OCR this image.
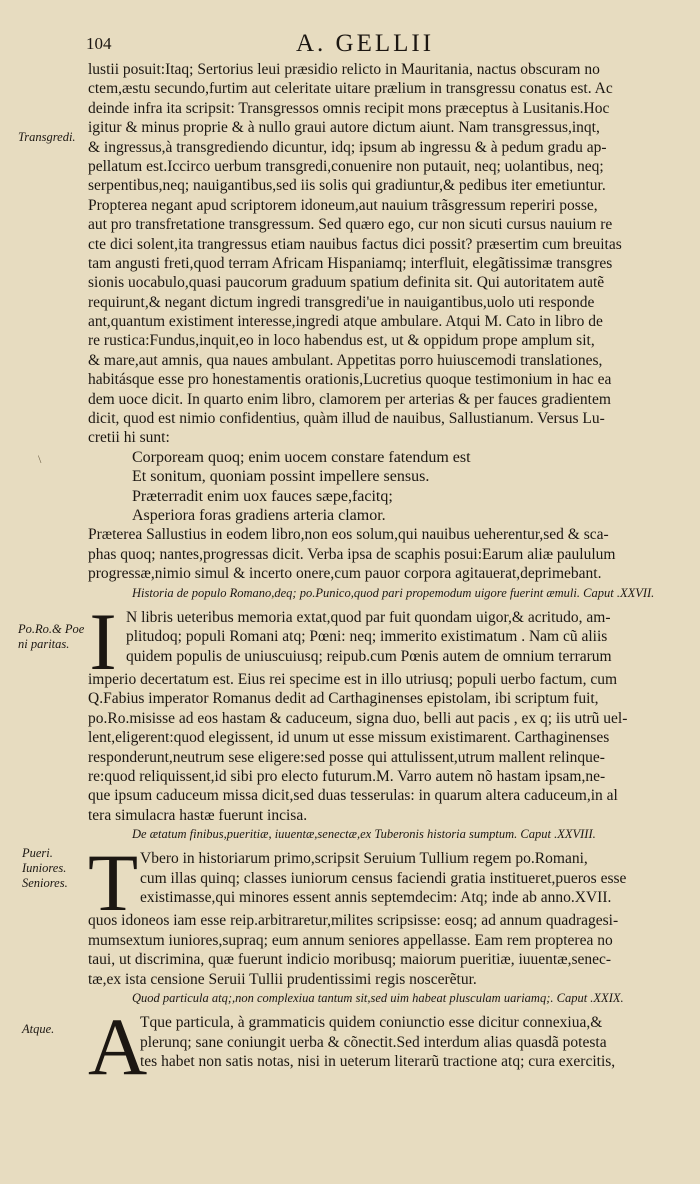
104	A. GELLII
Transgredi.
Po.Ro.& Poe ni paritas.
Pueri. Iuniores. Seniores.
Atque.
\
lustii posuit:Itaq; Sertorius leui præsidio relicto in Mauritania, nactus obscuram no
ctem,æstu secundo,furtim aut celeritate uitare prælium in transgressu conatus est. Ac
deinde infra ita scripsit: Transgressos omnis recipit mons præceptus à Lusitanis.Hoc
igitur & minus proprie & à nullo graui autore dictum aiunt. Nam transgressus,inqt,
& ingressus,à transgrediendo dicuntur, idq; ipsum ab ingressu & à pedum gradu ap-
pellatum est.Iccirco uerbum transgredi,conuenire non putauit, neq; uolantibus, neq;
serpentibus,neq; nauigantibus,sed iis solis qui gradiuntur,& pedibus iter emetiuntur.
Propterea negant apud scriptorem idoneum,aut nauium trãsgressum reperiri posse,
aut pro transfretatione transgressum. Sed quæro ego, cur non sicuti cursus nauium re
cte dici solent,ita trangressus etiam nauibus factus dici possit? præsertim cum breuitas
tam angusti freti,quod terram Africam Hispaniamq; interfluit, elegãtissimæ transgres
sionis uocabulo,quasi paucorum graduum spatium definita sit. Qui autoritatem autẽ
requirunt,& negant dictum ingredi transgredi'ue in nauigantibus,uolo uti responde
ant,quantum existiment interesse,ingredi atque ambulare. Atqui M. Cato in libro de
re rustica:Fundus,inquit,eo in loco habendus est, ut & oppidum prope amplum sit,
& mare,aut amnis, qua naues ambulant. Appetitas porro huiuscemodi translationes,
habitásque esse pro honestamentis orationis,Lucretius quoque testimonium in hac ea
dem uoce dicit. In quarto enim libro, clamorem per arterias & per fauces gradientem
dicit, quod est nimio confidentius, quàm illud de nauibus, Sallustianum. Versus Lu-
cretii hi sunt:
Corpoream quoq; enim uocem constare fatendum est
Et sonitum, quoniam possint impellere sensus.
Præterradit enim uox fauces sæpe,facitq;
Asperiora foras gradiens arteria clamor.
Præterea Sallustius in eodem libro,non eos solum,qui nauibus ueherentur,sed & sca-
phas quoq; nantes,progressas dicit. Verba ipsa de scaphis posui:Earum aliæ paululum
progressæ,nimio simul & incerto onere,cum pauor corpora agitauerat,deprimebant.
Historia de populo Romano,deq; po.Punico,quod pari propemodum uigore fuerint æmuli. Caput .XXVII.
I N libris ueteribus memoria extat,quod par fuit quondam uigor,& acritudo, am-
plitudoq; populi Romani atq; Pœni: neq; immerito existimatum . Nam cũ aliis
quidem populis de uniuscuiusq; reipub.cum Pœnis autem de omnium terrarum
imperio decertatum est. Eius rei specime est in illo utriusq; populi uerbo factum, cum
Q.Fabius imperator Romanus dedit ad Carthaginenses epistolam, ibi scriptum fuit,
po.Ro.misisse ad eos hastam & caduceum, signa duo, belli aut pacis , ex q; iis utrũ uel-
lent,eligerent:quod elegissent, id unum ut esse missum existimarent. Carthaginenses
responderunt,neutrum sese eligere:sed posse qui attulissent,utrum mallent relinque-
re:quod reliquissent,id sibi pro electo futurum.M. Varro autem nõ hastam ipsam,ne-
que ipsum caduceum missa dicit,sed duas tesserulas: in quarum altera caduceum,in al
tera simulacra hastæ fuerunt incisa.
De ætatum finibus,pueritiæ, iuuentæ,senectæ,ex Tuberonis historia sumptum. Caput .XXVIII.
T Vbero in historiarum primo,scripsit Seruium Tullium regem po.Romani,
cum illas quinq; classes iuniorum census faciendi gratia institueret,pueros esse
existimasse,qui minores essent annis septemdecim: Atq; inde ab anno.XVII.
quos idoneos iam esse reip.arbitraretur,milites scripsisse: eosq; ad annum quadragesi-
mumsextum iuniores,supraq; eum annum seniores appellasse. Eam rem propterea no
taui, ut discrimina, quæ fuerunt indicio moribusq; maiorum pueritiæ, iuuentæ,senec-
tæ,ex ista censione Seruii Tullii prudentissimi regis noscerẽtur.
Quod particula atq;,non complexiua tantum sit,sed uim habeat plusculam uariamq;. Caput .XXIX.
A
Tque particula, à grammaticis quidem coniunctio esse dicitur connexiua,&
plerunq; sane coniungit uerba & cõnectit.Sed interdum alias quasdã potesta
tes habet non satis notas, nisi in ueterum literarũ tractione atq; cura exercitis,
